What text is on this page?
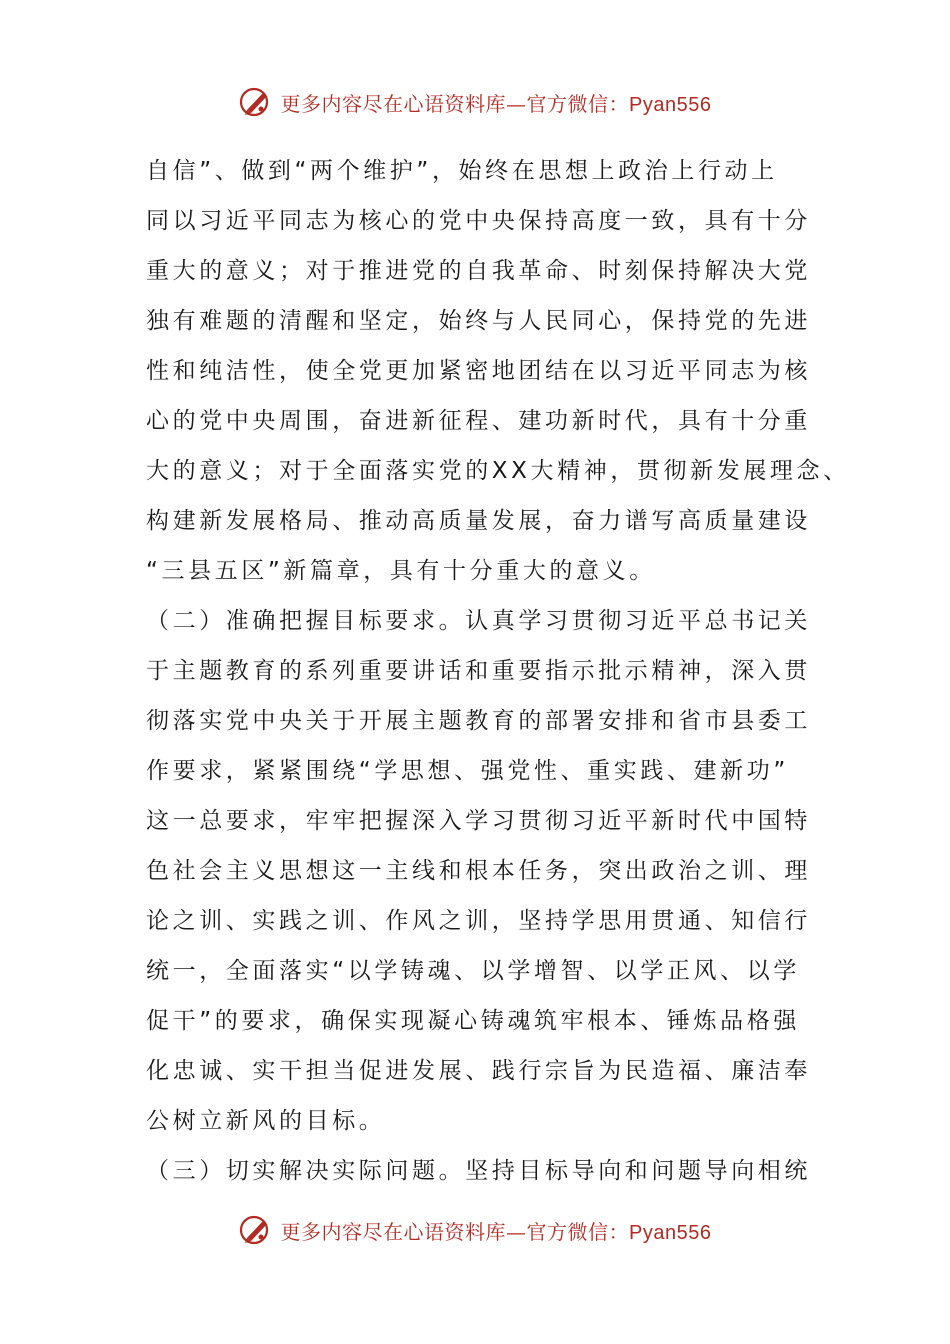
更多内容尽在心语资料库—官方微信：Pyan556
自信”、做到“两个维护”，始终在思想上政治上行动上
同以习近平同志为核心的党中央保持高度一致，具有十分
重大的意义；对于推进党的自我革命、时刻保持解决大党
独有难题的清醒和坚定，始终与人民同心，保持党的先进
性和纯洁性，使全党更加紧密地团结在以习近平同志为核
心的党中央周围，奋进新征程、建功新时代，具有十分重
大的意义；对于全面落实党的XX大精神，贯彻新发展理念、
构建新发展格局、推动高质量发展，奋力谱写高质量建设
“三县五区”新篇章，具有十分重大的意义。
（二）准确把握目标要求。认真学习贯彻习近平总书记关
于主题教育的系列重要讲话和重要指示批示精神，深入贯
彻落实党中央关于开展主题教育的部署安排和省市县委工
作要求，紧紧围绕“学思想、强党性、重实践、建新功”
这一总要求，牢牢把握深入学习贯彻习近平新时代中国特
色社会主义思想这一主线和根本任务，突出政治之训、理
论之训、实践之训、作风之训，坚持学思用贯通、知信行
统一，全面落实“以学铸魂、以学增智、以学正风、以学
促干”的要求，确保实现凝心铸魂筑牢根本、锤炼品格强
化忠诚、实干担当促进发展、践行宗旨为民造福、廉洁奉
公树立新风的目标。
（三）切实解决实际问题。坚持目标导向和问题导向相统
更多内容尽在心语资料库—官方微信：Pyan556
